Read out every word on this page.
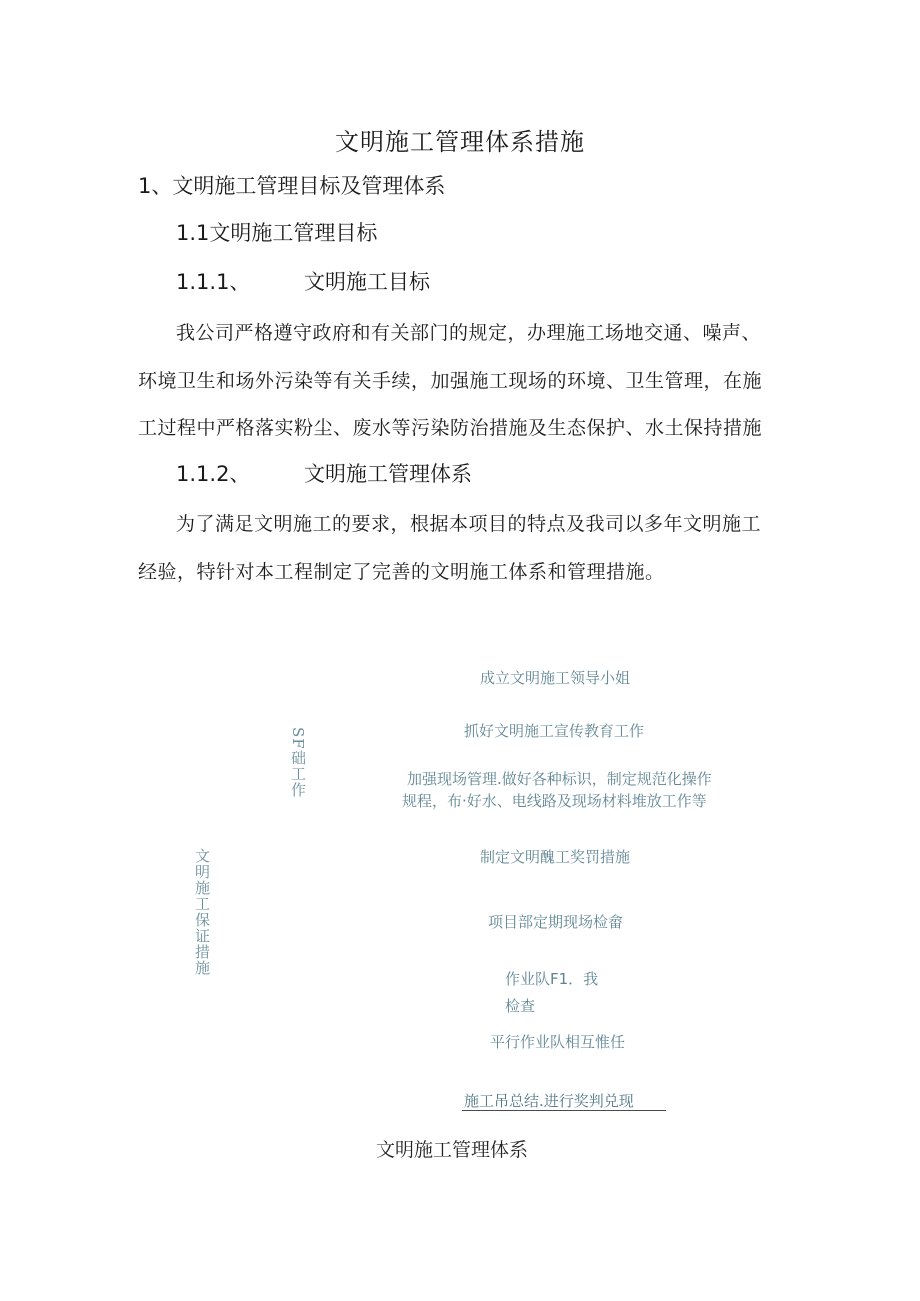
文明施工管理体系措施
1、文明施工管理目标及管理体系
1.1文明施工管理目标
1.1.1、	文明施工目标
我公司严格遵守政府和有关部门的规定，办理施工场地交通、噪声、
环境卫生和场外污染等有关手续，加强施工现场的环境、卫生管理，在施
工过程中严格落实粉尘、废水等污染防治措施及生态保护、水土保持措施
1.1.2、	文明施工管理体系
为了满足文明施工的要求，根据本项目的特点及我司以多年文明施工
经验，特针对本工程制定了完善的文明施工体系和管理措施。
文明施工保证措施
SF础工作
成立文明施工领导小姐
抓好文明施工宣传教育工作
加强现场管理.做好各种标识，制定规范化操作
规程，布·好水、电线路及现场材料堆放工作等
制定文明醜工奖罚措施
项目部定期现场检畲
作业队F1．我
检查
平行作业队相互惟任
施工吊总结.进行奖判兑现
文明施工管理体系
